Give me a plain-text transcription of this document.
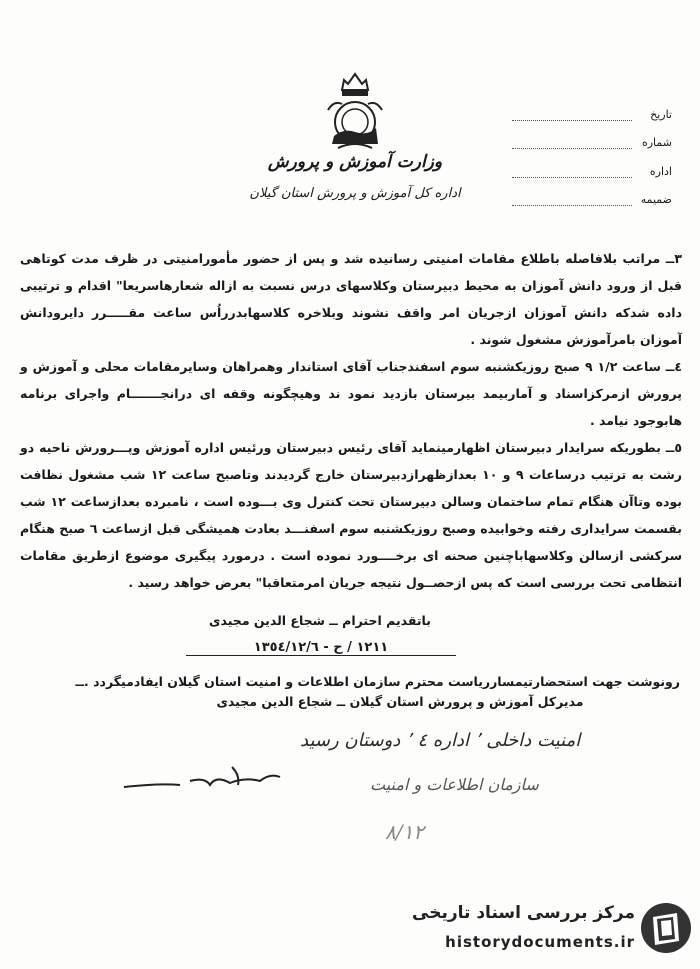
وزارت آموزش و پرورش
اداره کل آموزش و پرورش استان گیلان
تاریخ
شماره
اداره
ضمیمه

٣ــ مراتب بلافاصله باطلاع مقامات امنیتی رسانیده شد و پس از حضور مأمورامنیتی در ظرف مدت کوتاهی قبل از ورود دانش آموزان به محیط دبیرستان وکلاسهای درس نسبت به ازاله شعارهاسریعا" اقدام و ترتیبی داده شدکه دانش آموزان ازجریان امر واقف نشوند وبلاخره کلاسهابدرراُس ساعت مقـــــرر دایرودانش آموزان بامرآموزش مشغول شوند .

٤ــ ساعت ١/٢ ٩ صبح روزیکشنبه سوم اسفندجناب آقای استاندار وهمراهان وسایرمقامات محلی و آموزش و پرورش ازمرکزاسناد و آماربیمد بیرستان بازدید نمود ند وهیچگونه وقفه ای درانجـــــــام واجرای برنامه هابوجود نیامد .

٥ــ بطوریکه سرایدار دبیرستان اظهارمینماید آقای رئیس دبیرستان ورئیس اداره آموزش وپـــرورش ناحیه دو رشت به ترتیب درساعات ٩ و ١٠ بعدازظهرازدبیرستان خارج گردیدند وتاصبح ساعت ١٢ شب مشغول نظافت بوده وتاآن هنگام تمام ساختمان وسالن دبیرستان تحت کنترل وی بـــوده است ، نامبرده بعدازساعت ١٢ شب بقسمت سرایداری رفته وخوابیده وصبح روزیکشنبه سوم اسفنـــد بعادت همیشگی قبل ازساعت ٦ صبح هنگام سرکشی ازسالن وکلاسهاباچنین صحنه ای برخــــورد نموده است . درمورد پیگیری موضوع ازطریق مقامات انتظامی تحت بررسی است که پس ازحصــول نتیجه جریان امرمتعاقبا" بعرض خواهد رسید .

باتقدیم احترام ــ شجاع الدین مجیدی
١٢١١ / ح - ١٣٥٤/١٢/٦
رونوشت جهت استحضارتیمسارریاست محترم سازمان اطلاعات و امنیت استان گیلان ایفادمیگردد .ــ
مدیرکل آموزش و پرورش استان گیلان ــ شجاع الدین مجیدی
امنیت داخلی ٬ اداره ٤ ٬ دوستان رسید
سازمان اطلاعات و امنیت
٨/١٢
مرکز بررسی اسناد تاریخی
historydocuments.ir
